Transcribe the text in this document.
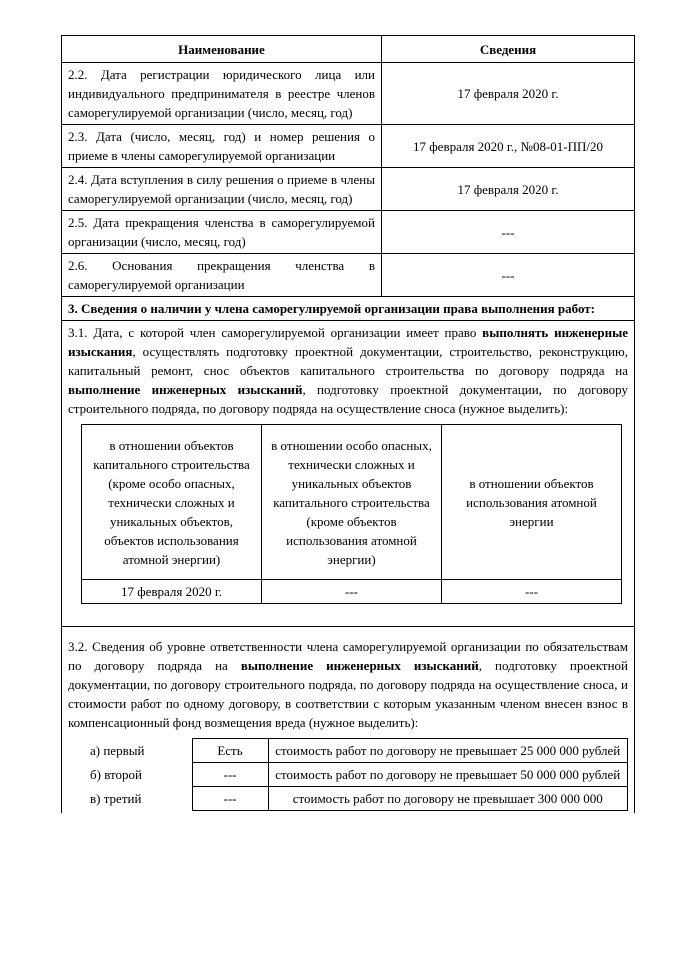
Наименование	Сведения
2.2. Дата регистрации юридического лица или индивидуального предпринимателя в реестре членов саморегулируемой организации (число, месяц, год)	17 февраля 2020 г.
2.3. Дата (число, месяц, год) и номер решения о приеме в члены саморегулируемой организации	17 февраля 2020 г., №08-01-ПП/20
2.4. Дата вступления в силу решения о приеме в члены саморегулируемой организации (число, месяц, год)	17 февраля 2020 г.
2.5. Дата прекращения членства в саморегулируемой организации (число, месяц, год)	---
2.6. Основания прекращения членства в саморегулируемой организации	---
3. Сведения о наличии у члена саморегулируемой организации права выполнения работ:

3.1. Дата, с которой член саморегулируемой организации имеет право выполнять инженерные изыскания, осуществлять подготовку проектной документации, строительство, реконструкцию, капитальный ремонт, снос объектов капитального строительства по договору подряда на выполнение инженерных изысканий, подготовку проектной документации, по договору строительного подряда, по договору подряда на осуществление сноса (нужное выделить):
в отношении объектов капитального строительства (кроме особо опасных, технически сложных и уникальных объектов, объектов использования атомной энергии)	в отношении особо опасных, технически сложных и уникальных объектов капитального строительства (кроме объектов использования атомной энергии)	в отношении объектов использования атомной энергии
17 февраля 2020 г.	---	---

3.2. Сведения об уровне ответственности члена саморегулируемой организации по обязательствам по договору подряда на выполнение инженерных изысканий, подготовку проектной документации, по договору строительного подряда, по договору подряда на осуществление сноса, и стоимости работ по одному договору, в соответствии с которым указанным членом внесен взнос в компенсационный фонд возмещения вреда (нужное выделить):
а) первый	Есть	стоимость работ по договору не превышает 25 000 000 рублей
б) второй	---	стоимость работ по договору не превышает 50 000 000 рублей
в) третий	---	стоимость работ по договору не превышает 300 000 000
